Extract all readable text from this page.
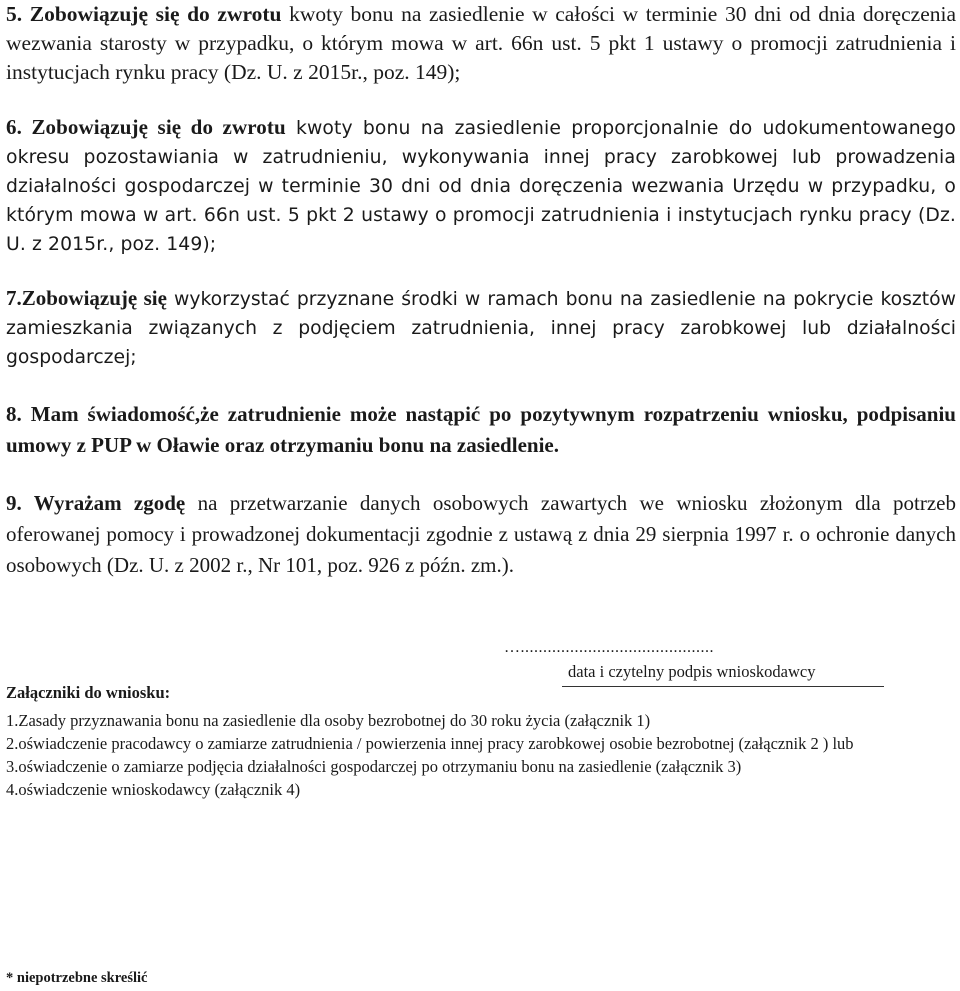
5. Zobowiązuję się do zwrotu kwoty bonu na zasiedlenie w całości w terminie 30 dni od dnia doręczenia wezwania starosty w przypadku, o którym mowa w art. 66n ust. 5 pkt 1 ustawy o promocji zatrudnienia i instytucjach rynku pracy (Dz. U. z 2015r., poz. 149);

6. Zobowiązuję się do zwrotu kwoty bonu na zasiedlenie proporcjonalnie do udokumentowanego okresu pozostawiania w zatrudnieniu, wykonywania innej pracy zarobkowej lub prowadzenia działalności gospodarczej w terminie 30 dni od dnia doręczenia wezwania Urzędu w przypadku, o którym mowa w art. 66n ust. 5 pkt 2 ustawy o promocji zatrudnienia i instytucjach rynku pracy (Dz. U. z 2015r., poz. 149);

7.Zobowiązuję się wykorzystać przyznane środki w ramach bonu na zasiedlenie na pokrycie kosztów zamieszkania związanych z podjęciem zatrudnienia, innej pracy zarobkowej lub działalności gospodarczej;

8. Mam świadomość,że zatrudnienie może nastąpić po pozytywnym rozpatrzeniu wniosku, podpisaniu umowy z PUP w Oławie oraz otrzymaniu bonu na zasiedlenie.

9. Wyrażam zgodę na przetwarzanie danych osobowych zawartych we wniosku złożonym dla potrzeb oferowanej pomocy i prowadzonej dokumentacji zgodnie z ustawą z dnia 29 sierpnia 1997 r. o ochronie danych osobowych (Dz. U. z 2002 r., Nr 101, poz. 926 z późn. zm.).

…...........................................
data i czytelny podpis wnioskodawcy
Załączniki do wniosku:
1.Zasady przyznawania bonu na zasiedlenie dla osoby bezrobotnej do 30 roku życia (załącznik 1)
2.oświadczenie pracodawcy o zamiarze zatrudnienia / powierzenia innej pracy zarobkowej osobie bezrobotnej (załącznik 2 ) lub
3.oświadczenie o zamiarze podjęcia działalności gospodarczej po otrzymaniu bonu na zasiedlenie (załącznik 3)
4.oświadczenie wnioskodawcy (załącznik 4)
* niepotrzebne skreślić
